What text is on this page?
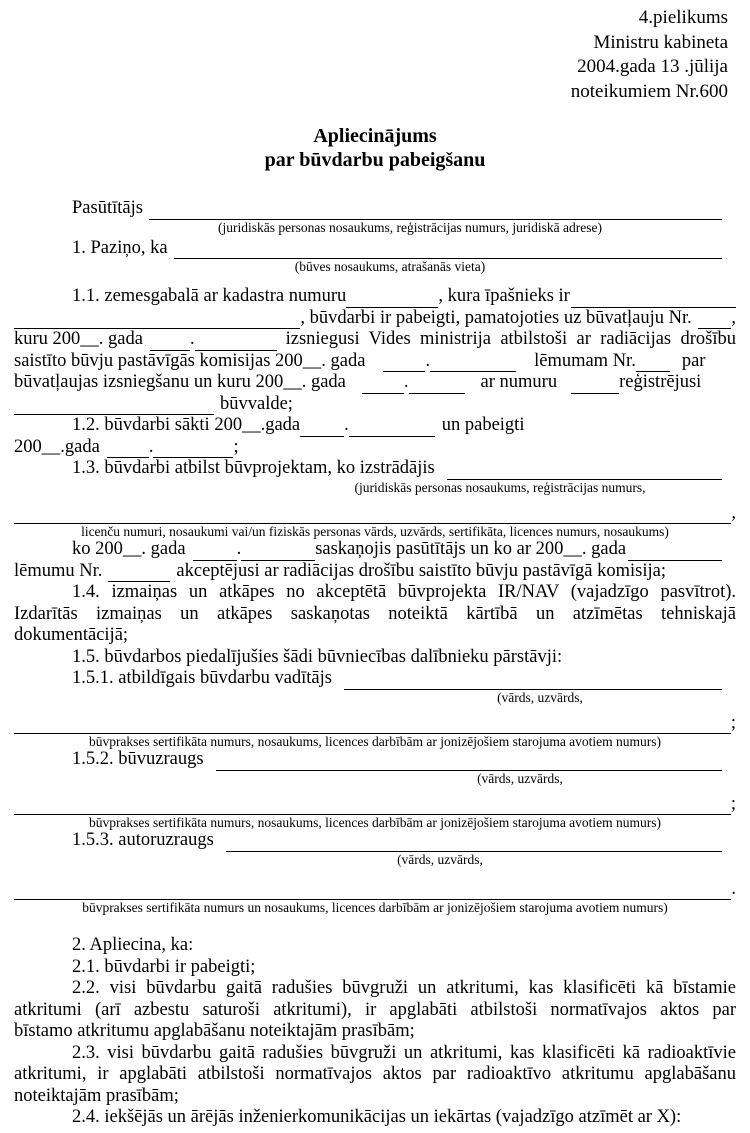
4.pielikums
Ministru kabineta
2004.gada 13 .jūlija
noteikumiem Nr.600
Apliecinājums
par būvdarbu pabeigšanu
Pasūtītājs
(juridiskās personas nosaukums, reģistrācijas numurs, juridiskā adrese)
1. Paziņo, ka
(būves nosaukums, atrašanās vieta)
1.1. zemesgabalā ar kadastra numuru	, kura īpašnieks ir
, būvdarbi ir pabeigti, pamatojoties uz būvatļauju Nr. ,
kuru 200__. gada	.	izsniegusi Vides ministrija atbilstoši ar radiācijas drošību
saistīto būvju pastāvīgās komisijas 200__. gada	.	lēmumam Nr. par
būvatļaujas izsniegšanu un kuru 200__. gada	.	ar numuru	reģistrējusi
būvvalde;
1.2. būvdarbi sākti 200__.gada .	un pabeigti
200__.gada	.	;
1.3. būvdarbi atbilst būvprojektam, ko izstrādājis
(juridiskās personas nosaukums, reģistrācijas numurs,
,
licenču numuri, nosaukumi vai/un fiziskās personas vārds, uzvārds, sertifikāta, licences numurs, nosaukums)
ko 200__. gada	.	saskaņojis pasūtītājs un ko ar 200__. gada
lēmumu Nr.	akceptējusi ar radiācijas drošību saistīto būvju pastāvīgā komisija;
1.4. izmaiņas un atkāpes no akceptētā būvprojekta IR/NAV (vajadzīgo pasvītrot).
Izdarītās izmaiņas un atkāpes saskaņotas noteiktā kārtībā un atzīmētas tehniskajā
dokumentācijā;
1.5. būvdarbos piedalījušies šādi būvniecības dalībnieku pārstāvji:
1.5.1. atbildīgais būvdarbu vadītājs
(vārds, uzvārds,
;
būvprakses sertifikāta numurs, nosaukums, licences darbībām ar jonizējošiem starojuma avotiem numurs)
1.5.2. būvuzraugs
(vārds, uzvārds,
;
būvprakses sertifikāta numurs, nosaukums, licences darbībām ar jonizējošiem starojuma avotiem numurs)
1.5.3. autoruzraugs
(vārds, uzvārds,
.
būvprakses sertifikāta numurs un nosaukums, licences darbībām ar jonizējošiem starojuma avotiem numurs)
2. Apliecina, ka:
2.1. būvdarbi ir pabeigti;
2.2. visi būvdarbu gaitā radušies būvgruži un atkritumi, kas klasificēti kā bīstamie
atkritumi (arī azbestu saturoši atkritumi), ir apglabāti atbilstoši normatīvajos aktos par
bīstamo atkritumu apglabāšanu noteiktajām prasībām;
2.3. visi būvdarbu gaitā radušies būvgruži un atkritumi, kas klasificēti kā radioaktīvie
atkritumi, ir apglabāti atbilstoši normatīvajos aktos par radioaktīvo atkritumu apglabāšanu
noteiktajām prasībām;
2.4. iekšējās un ārējās inženierkomunikācijas un iekārtas (vajadzīgo atzīmēt ar X):
